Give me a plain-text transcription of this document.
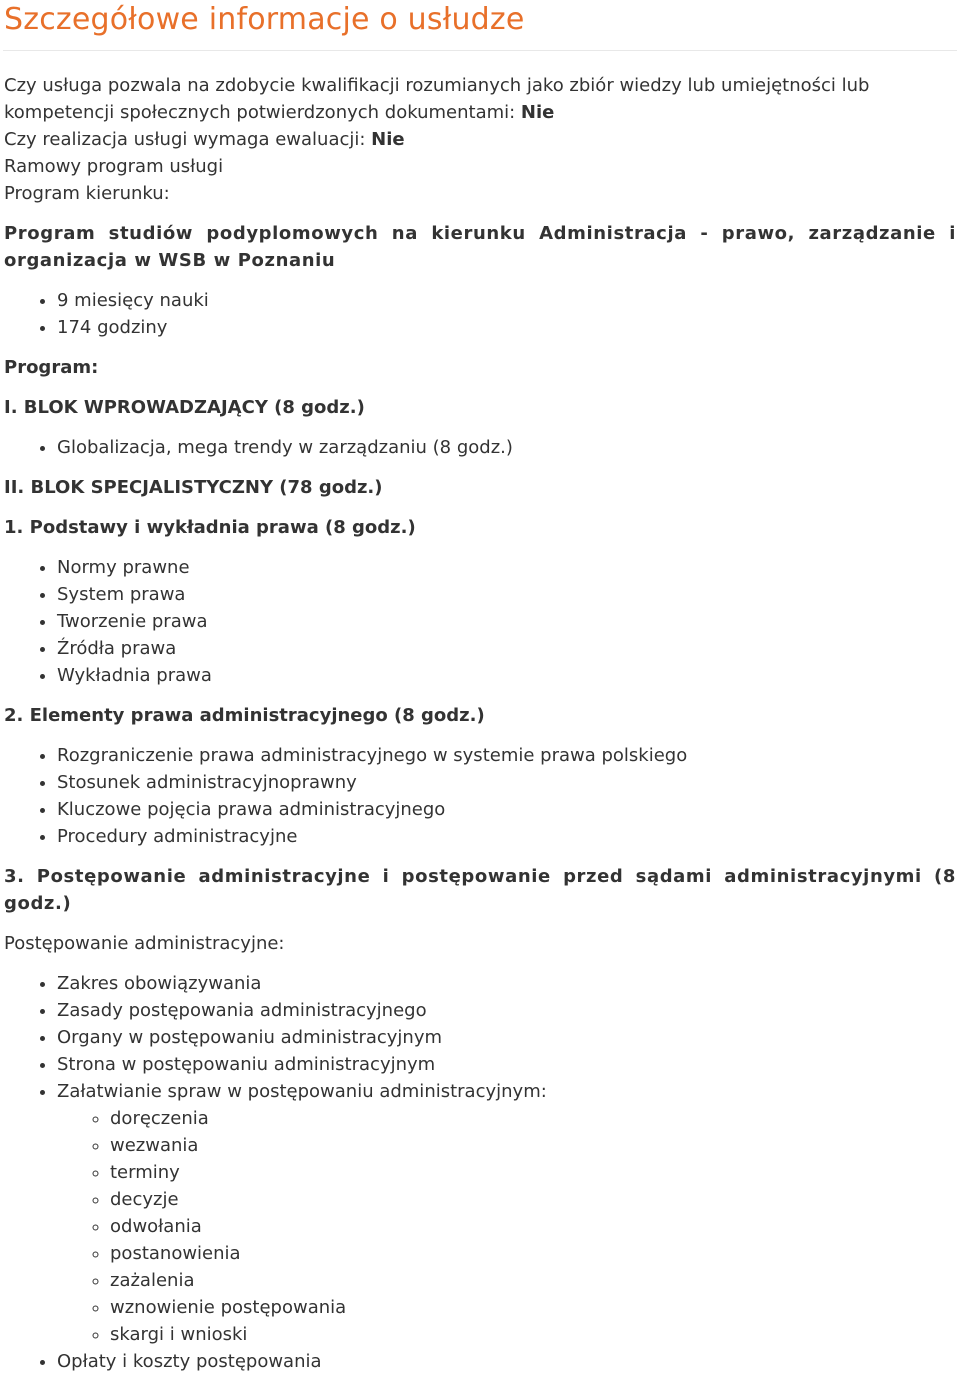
Szczegółowe informacje o usłudze

Czy usługa pozwala na zdobycie kwalifikacji rozumianych jako zbiór wiedzy lub umiejętności lub kompetencji społecznych potwierdzonych dokumentami: Nie

Czy realizacja usługi wymaga ewaluacji: Nie

Ramowy program usługi

Program kierunku:

Program studiów podyplomowych na kierunku Administracja - prawo, zarządzanie i organizacja w WSB w Poznaniu

• 9 miesięcy nauki
• 174 godziny

Program:

I. BLOK WPROWADZAJĄCY (8 godz.)

• Globalizacja, mega trendy w zarządzaniu (8 godz.)

II. BLOK SPECJALISTYCZNY (78 godz.)

1. Podstawy i wykładnia prawa (8 godz.)

• Normy prawne
• System prawa
• Tworzenie prawa
• Źródła prawa
• Wykładnia prawa

2. Elementy prawa administracyjnego (8 godz.)

• Rozgraniczenie prawa administracyjnego w systemie prawa polskiego
• Stosunek administracyjnoprawny
• Kluczowe pojęcia prawa administracyjnego
• Procedury administracyjne

3. Postępowanie administracyjne i postępowanie przed sądami administracyjnymi (8 godz.)

Postępowanie administracyjne:

• Zakres obowiązywania
• Zasady postępowania administracyjnego
• Organy w postępowaniu administracyjnym
• Strona w postępowaniu administracyjnym
• Załatwianie spraw w postępowaniu administracyjnym:
◦ doręczenia
◦ wezwania
◦ terminy
◦ decyzje
◦ odwołania
◦ postanowienia
◦ zażalenia
◦ wznowienie postępowania
◦ skargi i wnioski
• Opłaty i koszty postępowania
